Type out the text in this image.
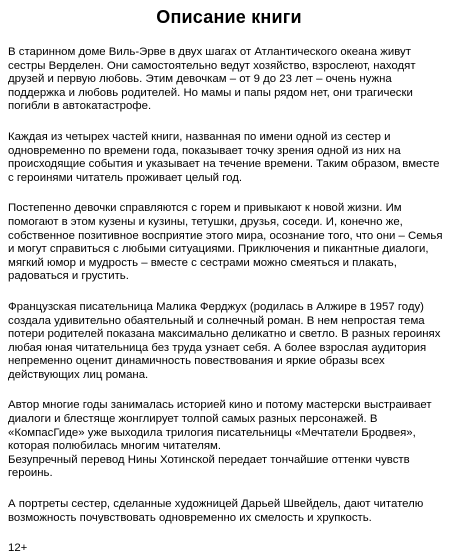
Описание книги

В старинном доме Виль-Эрве в двух шагах от Атлантического океана живут
сестры Верделен. Они самостоятельно ведут хозяйство, взрослеют, находят
друзей и первую любовь. Этим девочкам – от 9 до 23 лет – очень нужна
поддержка и любовь родителей. Но мамы и папы рядом нет, они трагически
погибли в автокатастрофе.

Каждая из четырех частей книги, названная по имени одной из сестер и
одновременно по времени года, показывает точку зрения одной из них на
происходящие события и указывает на течение времени. Таким образом, вместе
с героинями читатель проживает целый год.

Постепенно девочки справляются с горем и привыкают к новой жизни. Им
помогают в этом кузены и кузины, тетушки, друзья, соседи. И, конечно же,
собственное позитивное восприятие этого мира, осознание того, что они – Семья
и могут справиться с любыми ситуациями. Приключения и пикантные диалоги,
мягкий юмор и мудрость – вместе с сестрами можно смеяться и плакать,
радоваться и грустить.

Французская писательница Малика Ферджух (родилась в Алжире в 1957 году)
создала удивительно обаятельный и солнечный роман. В нем непростая тема
потери родителей показана максимально деликатно и светло. В разных героинях
любая юная читательница без труда узнает себя. А более взрослая аудитория
непременно оценит динамичность повествования и яркие образы всех
действующих лиц романа.

Автор многие годы занималась историей кино и потому мастерски выстраивает
диалоги и блестяще жонглирует толпой самых разных персонажей. В
«КомпасГиде» уже выходила трилогия писательницы «Мечтатели Бродвея»,
которая полюбилась многим читателям.

Безупречный перевод Нины Хотинской передает тончайшие оттенки чувств
героинь.

А портреты сестер, сделанные художницей Дарьей Швейдель, дают читателю
возможность почувствовать одновременно их смелость и хрупкость.

12+
